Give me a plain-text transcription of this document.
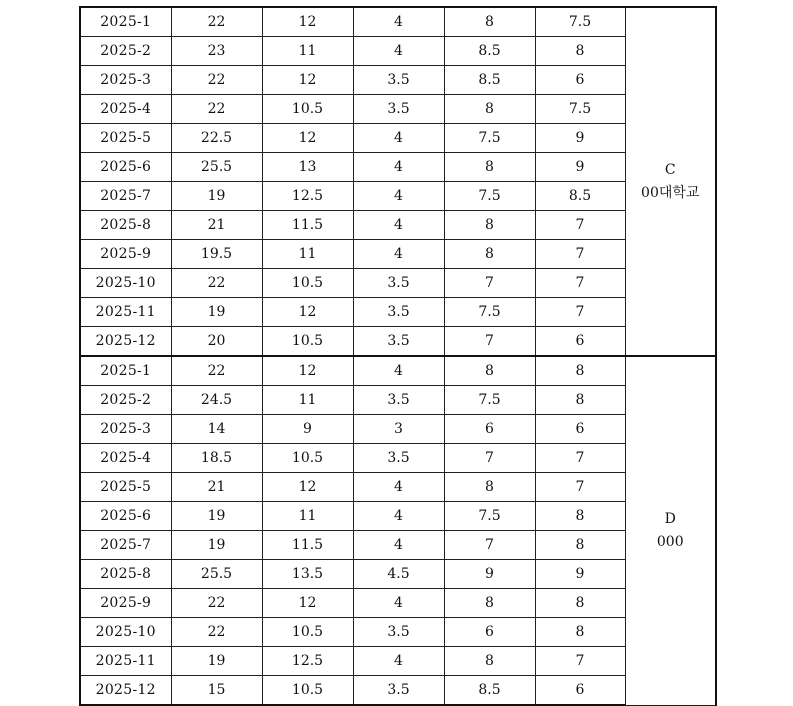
2025-1	22	12	4	8	7.5	C
00대학교

2025-2	23	11	4	8.5	8	
2025-3	22	12	3.5	8.5	6	
2025-4	22	10.5	3.5	8	7.5	
2025-5	22.5	12	4	7.5	9	
2025-6	25.5	13	4	8	9	
2025-7	19	12.5	4	7.5	8.5	
2025-8	21	11.5	4	8	7	
2025-9	19.5	11	4	8	7	
2025-10	22	10.5	3.5	7	7	
2025-11	19	12	3.5	7.5	7	
2025-12	20	10.5	3.5	7	6	
2025-1	22	12	4	8	8	D
000

2025-2	24.5	11	3.5	7.5	8	
2025-3	14	9	3	6	6	
2025-4	18.5	10.5	3.5	7	7	
2025-5	21	12	4	8	7	
2025-6	19	11	4	7.5	8	
2025-7	19	11.5	4	7	8	
2025-8	25.5	13.5	4.5	9	9	
2025-9	22	12	4	8	8	
2025-10	22	10.5	3.5	6	8	
2025-11	19	12.5	4	8	7	
2025-12	15	10.5	3.5	8.5	6	
